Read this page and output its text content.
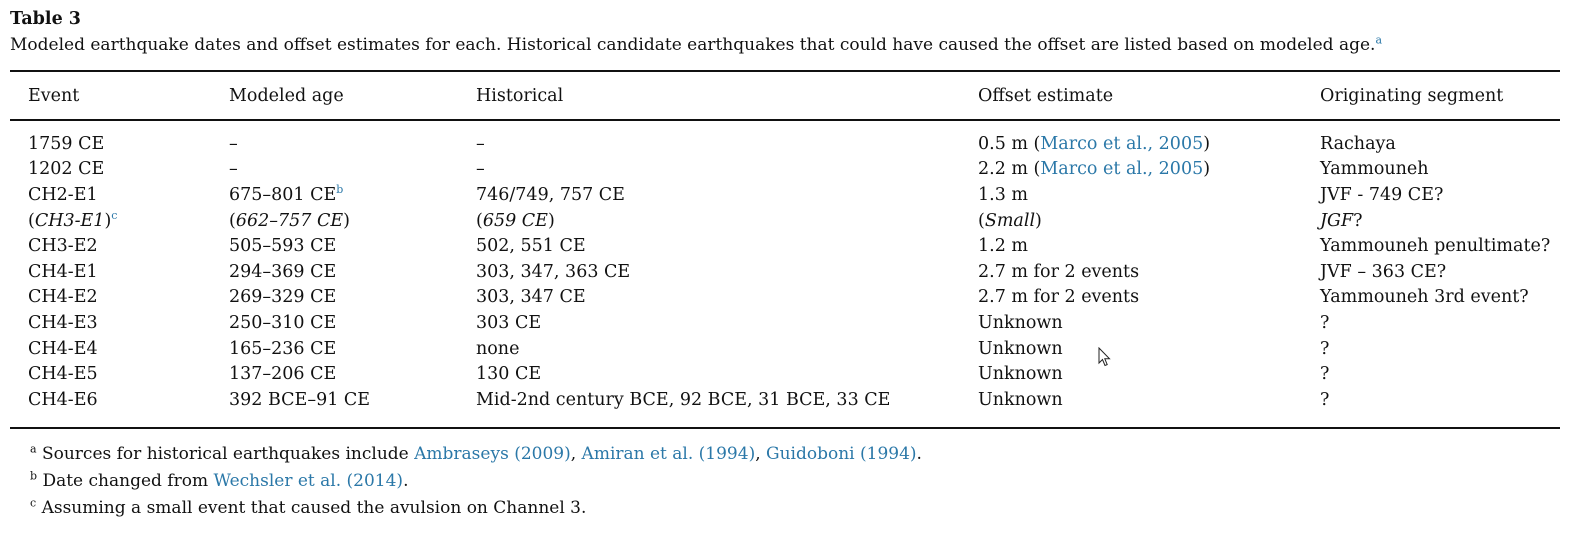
Table 3
Modeled earthquake dates and offset estimates for each. Historical candidate earthquakes that could have caused the offset are listed based on modeled age.$^a$
Event	Modeled age	Historical	Offset estimate	Originating segment
1759 CE	–	–	0.5 m (Marco et al., 2005)	Rachaya
1202 CE	–	–	2.2 m (Marco et al., 2005)	Yammouneh
CH2-E1	675–801 $CE^b$	746/749, 757 CE	1.3 m	JVF - 749 CE?
$(CH3-E1)^c$	(662–757 CE)	(659 CE)	(Small)	JGF?
CH3-E2	505–593 CE	502, 551 CE	1.2 m	Yammouneh penultimate?
CH4-E1	294–369 CE	303, 347, 363 CE	2.7 m for 2 events	JVF – 363 CE?
CH4-E2	269–329 CE	303, 347 CE	2.7 m for 2 events	Yammouneh 3rd event?
CH4-E3	250–310 CE	303 CE	Unknown	?
CH4-E4	165–236 CE	none	Unknown	?
CH4-E5	137–206 CE	130 CE	Unknown	?
CH4-E6	392 BCE–91 CE	Mid-2nd century BCE, 92 BCE, 31 BCE, 33 CE	Unknown	?
$^a$ Sources for historical earthquakes include Ambraseys (2009), Amiran et al. (1994), Guidoboni (1994).
$^b$ Date changed from Wechsler et al. (2014).
$^c$ Assuming a small event that caused the avulsion on Channel 3.
